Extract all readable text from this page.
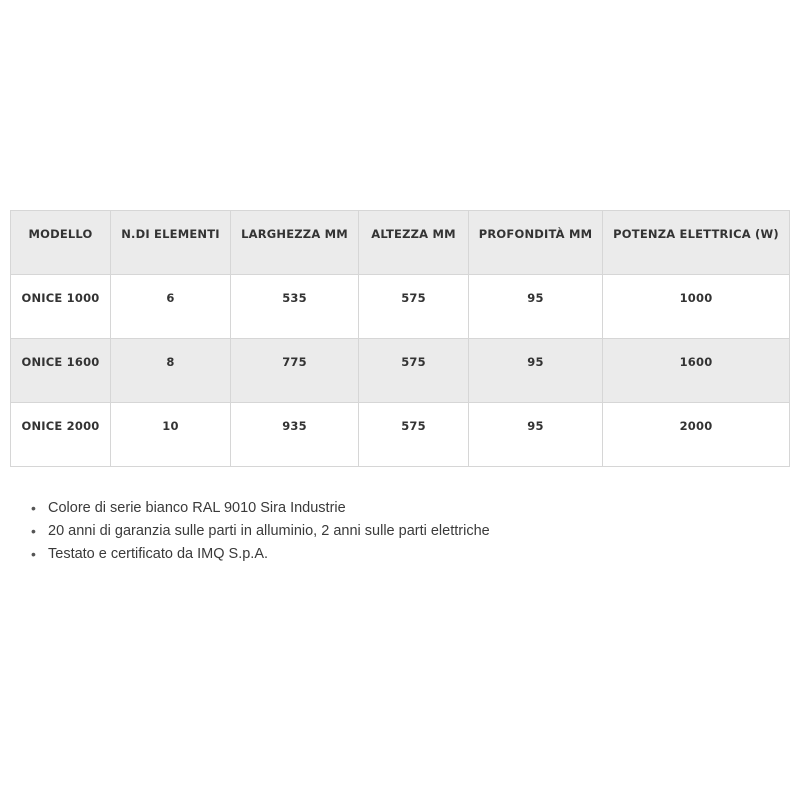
MODELLO	N.DI ELEMENTI	LARGHEZZA MM	ALTEZZA MM	PROFONDITÀ MM	POTENZA ELETTRICA (W)
ONICE 1000	6	535	575	95	1000
ONICE 1600	8	775	575	95	1600
ONICE 2000	10	935	575	95	2000
• Colore di serie bianco RAL 9010 Sira Industrie
• 20 anni di garanzia sulle parti in alluminio, 2 anni sulle parti elettriche
• Testato e certificato da IMQ S.p.A.
